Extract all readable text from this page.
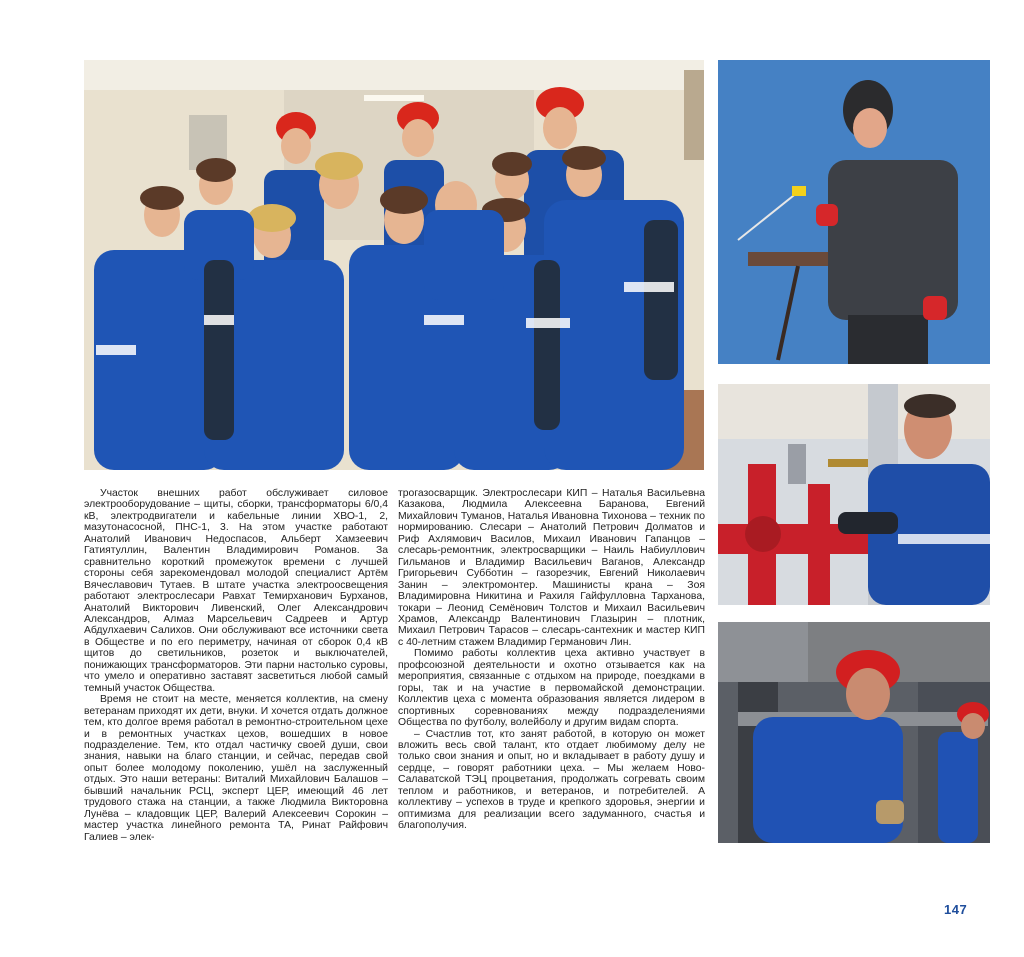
Участок внешних работ обслуживает силовое электрооборудование – щиты, сборки, трансформаторы 6/0,4 кВ, электродвигатели и кабельные линии ХВО-1, 2, мазутонасосной, ПНС-1, 3. На этом участке работают Анатолий Иванович Недоспасов, Альберт Хамзеевич Гатиятуллин, Валентин Владимирович Романов. За сравнительно короткий промежуток времени с лучшей стороны себя зарекомендовал молодой специалист Артём Вячеславович Тутаев. В штате участка электроосвещения работают электрослесари Равхат Темирханович Бурханов, Анатолий Викторович Ливенский, Олег Александрович Александров, Алмаз Марсельевич Садреев и Артур Абдулхаевич Салихов. Они обслуживают все источники света в Обществе и по его периметру, начиная от сборок 0,4 кВ щитов до светильников, розеток и выключателей, понижающих трансформаторов. Эти парни настолько суровы, что умело и оперативно заставят засветиться любой самый темный участок Общества.

Время не стоит на месте, меняется коллектив, на смену ветеранам приходят их дети, внуки. И хочется отдать должное тем, кто долгое время работал в ремонтно-строительном цехе и в ремонтных участках цехов, вошедших в новое подразделение. Тем, кто отдал частичку своей души, свои знания, навыки на благо станции, и сейчас, передав свой опыт более молодому поколению, ушёл на заслуженный отдых. Это наши ветераны: Виталий Михайлович Балашов – бывший начальник РСЦ, эксперт ЦЕР, имеющий 46 лет трудового стажа на станции, а также Людмила Викторовна Лунёва – кладовщик ЦЕР, Валерий Алексеевич Сорокин – мастер участка линейного ремонта ТА, Ринат Райфович Галиев – элек-

трогазосварщик. Электрослесари КИП – Наталья Васильевна Казакова, Людмила Алексеевна Баранова, Евгений Михайлович Туманов, Наталья Ивановна Тихонова – техник по нормированию. Слесари – Анатолий Петрович Долматов и Риф Ахлямович Василов, Михаил Иванович Гапанцов – слесарь-ремонтник, электросварщики – Наиль Набиуллович Гильманов и Владимир Васильевич Ваганов, Александр Григорьевич Субботин – газорезчик, Евгений Николаевич Занин – электромонтер. Машинисты крана – Зоя Владимировна Никитина и Рахиля Гайфулловна Тарханова, токари – Леонид Семёнович Толстов и Михаил Васильевич Храмов, Александр Валентинович Глазырин – плотник, Михаил Петрович Тарасов – слесарь-сантехник и мастер КИП с 40-летним стажем Владимир Германович Лин.

Помимо работы коллектив цеха активно участвует в профсоюзной деятельности и охотно отзывается как на мероприятия, связанные с отдыхом на природе, поездками в горы, так и на участие в первомайской демонстрации. Коллектив цеха с момента образования является лидером в спортивных соревнованиях между подразделениями Общества по футболу, волейболу и другим видам спорта.

– Счастлив тот, кто занят работой, в которую он может вложить весь свой талант, кто отдает любимому делу не только свои знания и опыт, но и вкладывает в работу душу и сердце, – говорят работники цеха. – Мы желаем Ново-Салаватской ТЭЦ процветания, продолжать согревать своим теплом и работников, и ветеранов, и потребителей. А коллективу – успехов в труде и крепкого здоровья, энергии и оптимизма для реализации всего задуманного, счастья и благополучия.

147
